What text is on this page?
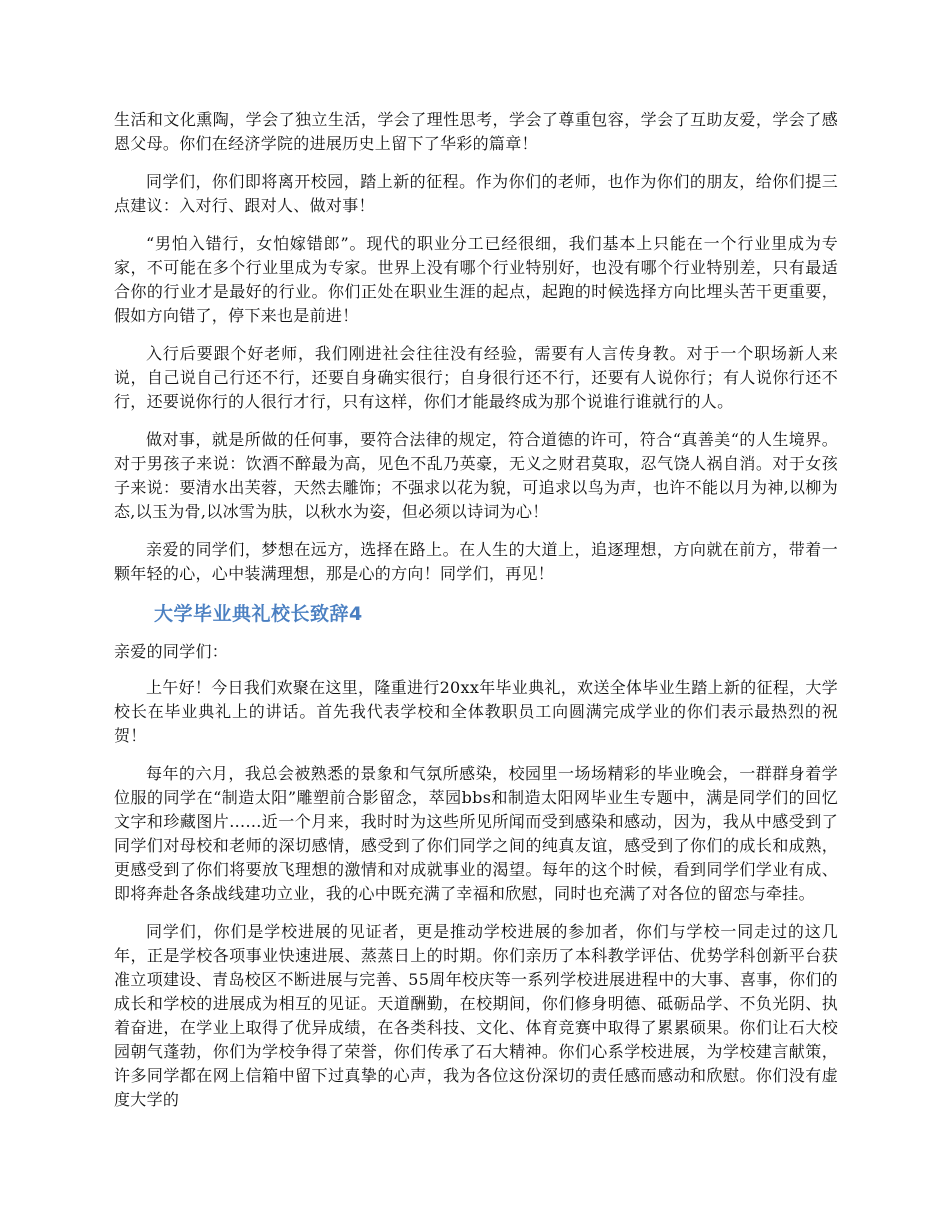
生活和文化熏陶，学会了独立生活，学会了理性思考，学会了尊重包容，学会了互助友爱，学会了感恩父母。你们在经济学院的进展历史上留下了华彩的篇章！

同学们，你们即将离开校园，踏上新的征程。作为你们的老师，也作为你们的朋友，给你们提三点建议：入对行、跟对人、做对事！

“男怕入错行，女怕嫁错郎”。现代的职业分工已经很细，我们基本上只能在一个行业里成为专家，不可能在多个行业里成为专家。世界上没有哪个行业特别好，也没有哪个行业特别差，只有最适合你的行业才是最好的行业。你们正处在职业生涯的起点，起跑的时候选择方向比埋头苦干更重要，假如方向错了，停下来也是前进！

入行后要跟个好老师，我们刚进社会往往没有经验，需要有人言传身教。对于一个职场新人来说，自己说自己行还不行，还要自身确实很行；自身很行还不行，还要有人说你行；有人说你行还不行，还要说你行的人很行才行，只有这样，你们才能最终成为那个说谁行谁就行的人。

做对事，就是所做的任何事，要符合法律的规定，符合道德的许可，符合“真善美“的人生境界。对于男孩子来说：饮酒不醉最为高，见色不乱乃英豪，无义之财君莫取，忍气饶人祸自消。对于女孩子来说：要清水出芙蓉，天然去雕饰；不强求以花为貌，可追求以鸟为声，也许不能以月为神,以柳为态,以玉为骨,以冰雪为肤，以秋水为姿，但必须以诗词为心！

亲爱的同学们，梦想在远方，选择在路上。在人生的大道上，追逐理想，方向就在前方，带着一颗年轻的心，心中装满理想，那是心的方向！同学们，再见！

大学毕业典礼校长致辞4

亲爱的同学们：

上午好！今日我们欢聚在这里，隆重进行20xx年毕业典礼，欢送全体毕业生踏上新的征程，大学校长在毕业典礼上的讲话。首先我代表学校和全体教职员工向圆满完成学业的你们表示最热烈的祝贺！

每年的六月，我总会被熟悉的景象和气氛所感染，校园里一场场精彩的毕业晚会，一群群身着学位服的同学在“制造太阳”雕塑前合影留念，萃园bbs和制造太阳网毕业生专题中，满是同学们的回忆文字和珍藏图片......近一个月来，我时时为这些所见所闻而受到感染和感动，因为，我从中感受到了同学们对母校和老师的深切感情，感受到了你们同学之间的纯真友谊，感受到了你们的成长和成熟，更感受到了你们将要放飞理想的激情和对成就事业的渴望。每年的这个时候，看到同学们学业有成、即将奔赴各条战线建功立业，我的心中既充满了幸福和欣慰，同时也充满了对各位的留恋与牵挂。

同学们，你们是学校进展的见证者，更是推动学校进展的参加者，你们与学校一同走过的这几年，正是学校各项事业快速进展、蒸蒸日上的时期。你们亲历了本科教学评估、优势学科创新平台获准立项建设、青岛校区不断进展与完善、55周年校庆等一系列学校进展进程中的大事、喜事，你们的成长和学校的进展成为相互的见证。天道酬勤，在校期间，你们修身明德、砥砺品学、不负光阴、执着奋进，在学业上取得了优异成绩，在各类科技、文化、体育竞赛中取得了累累硕果。你们让石大校园朝气蓬勃，你们为学校争得了荣誉，你们传承了石大精神。你们心系学校进展，为学校建言献策，许多同学都在网上信箱中留下过真挚的心声，我为各位这份深切的责任感而感动和欣慰。你们没有虚度大学的
